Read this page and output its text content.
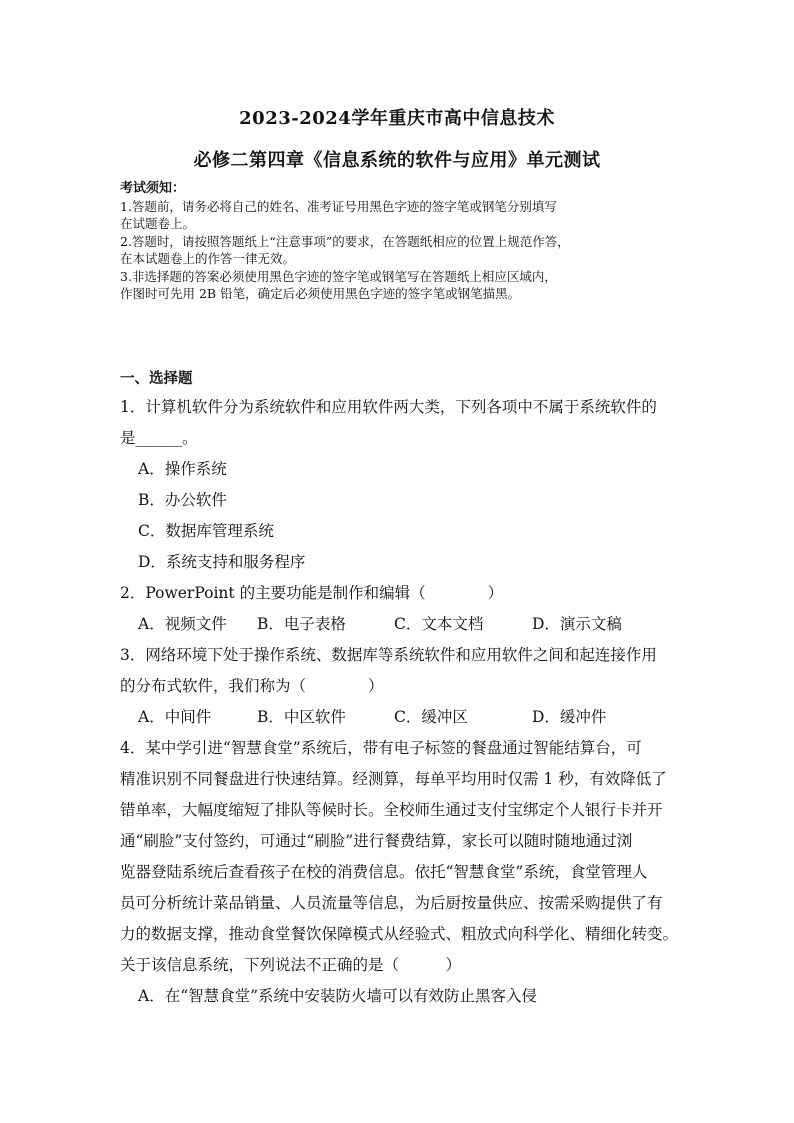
2023-2024学年重庆市高中信息技术
必修二第四章《信息系统的软件与应用》单元测试
考试须知：
1.答题前，请务必将自己的姓名、准考证号用黑色字迹的签字笔或钢笔分别填写
在试题卷上。
2.答题时，请按照答题纸上“注意事项”的要求，在答题纸相应的位置上规范作答，
在本试题卷上的作答一律无效。
3.非选择题的答案必须使用黑色字迹的签字笔或钢笔写在答题纸上相应区域内，
作图时可先用 2B 铅笔，确定后必须使用黑色字迹的签字笔或钢笔描黑。
一、选择题
1．计算机软件分为系统软件和应用软件两大类，下列各项中不属于系统软件的
是______。
A．操作系统
B．办公软件
C．数据库管理系统
D．系统支持和服务程序
2．PowerPoint 的主要功能是制作和编辑（　　　　）
A．视频文件	B．电子表格	C．文本文档	D．演示文稿
3．网络环境下处于操作系统、数据库等系统软件和应用软件之间和起连接作用
的分布式软件，我们称为（　　　　）
A．中间件	B．中区软件	C．缓冲区	D．缓冲件
4．某中学引进“智慧食堂”系统后，带有电子标签的餐盘通过智能结算台，可
精准识别不同餐盘进行快速结算。经测算，每单平均用时仅需 1 秒，有效降低了
错单率，大幅度缩短了排队等候时长。全校师生通过支付宝绑定个人银行卡并开
通“刷脸”支付签约，可通过“刷脸”进行餐费结算，家长可以随时随地通过浏
览器登陆系统后查看孩子在校的消费信息。依托“智慧食堂”系统，食堂管理人
员可分析统计菜品销量、人员流量等信息，为后厨按量供应、按需采购提供了有
力的数据支撑，推动食堂餐饮保障模式从经验式、粗放式向科学化、精细化转变。
关于该信息系统，下列说法不正确的是（　　　）
A．在“智慧食堂”系统中安装防火墙可以有效防止黑客入侵
